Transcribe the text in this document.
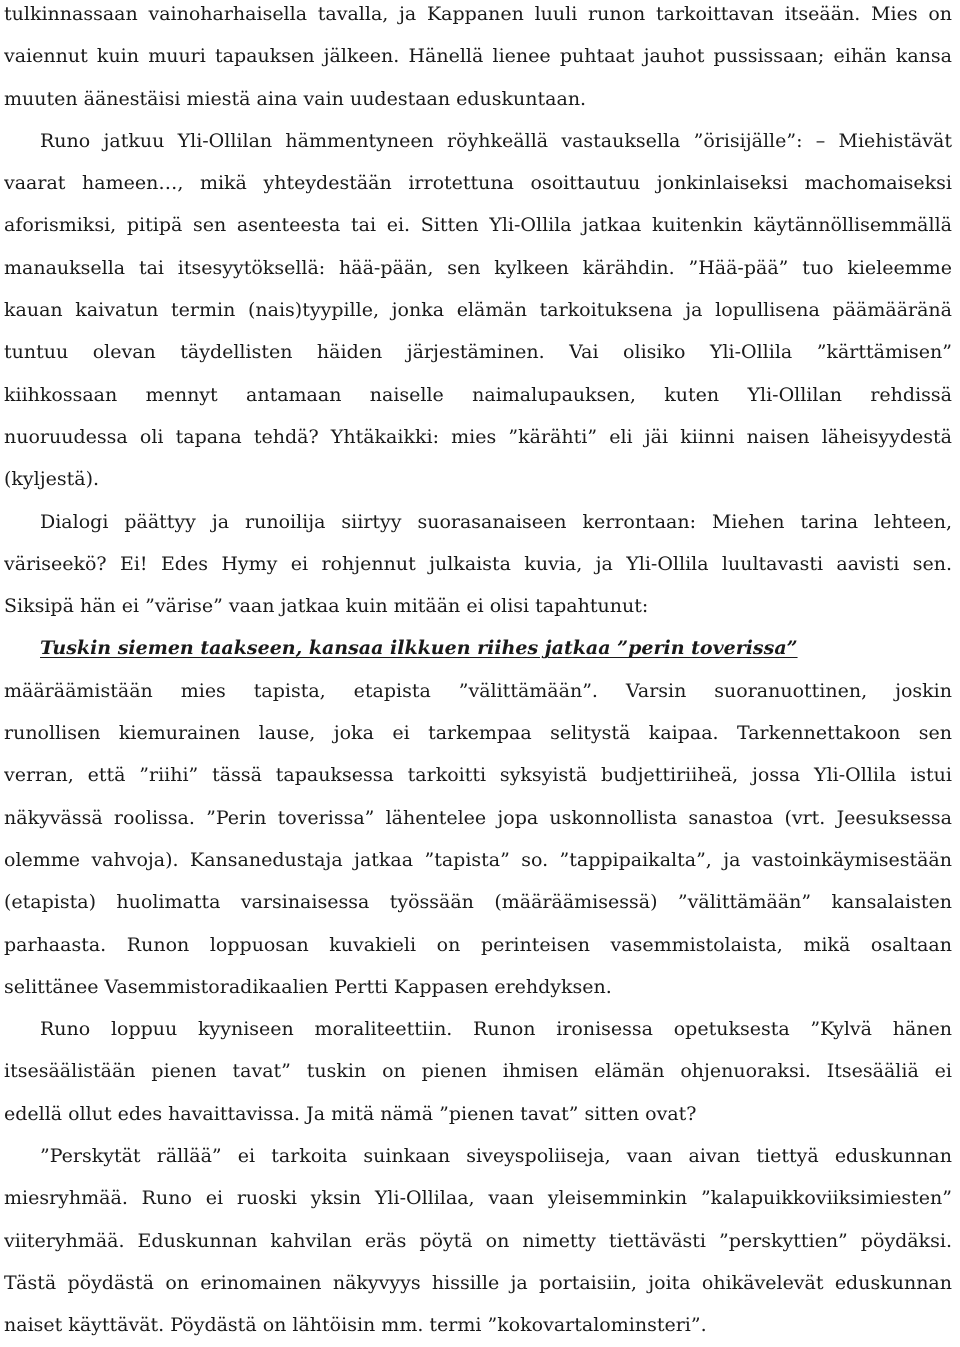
tulkinnassaan vainoharhaisella tavalla, ja Kappanen luuli runon tarkoittavan itseään. Mies on
vaiennut kuin muuri tapauksen jälkeen. Hänellä lienee puhtaat jauhot pussissaan; eihän kansa
muuten äänestäisi miestä aina vain uudestaan eduskuntaan.
Runo jatkuu Yli-Ollilan hämmentyneen röyhkeällä vastauksella ”örisijälle”: – Miehistävät
vaarat hameen…, mikä yhteydestään irrotettuna osoittautuu jonkinlaiseksi machomaiseksi
aforismiksi, pitipä sen asenteesta tai ei. Sitten Yli-Ollila jatkaa kuitenkin käytännöllisemmällä
manauksella tai itsesyytöksellä: hää-pään, sen kylkeen kärähdin. ”Hää-pää” tuo kieleemme
kauan kaivatun termin (nais)tyypille, jonka elämän tarkoituksena ja lopullisena päämääränä
tuntuu olevan täydellisten häiden järjestäminen. Vai olisiko Yli-Ollila ”kärttämisen”
kiihkossaan mennyt antamaan naiselle naimalupauksen, kuten Yli-Ollilan rehdissä
nuoruudessa oli tapana tehdä? Yhtäkaikki: mies ”kärähti” eli jäi kiinni naisen läheisyydestä
(kyljestä).
Dialogi päättyy ja runoilija siirtyy suorasanaiseen kerrontaan: Miehen tarina lehteen,
väriseekö? Ei! Edes Hymy ei rohjennut julkaista kuvia, ja Yli-Ollila luultavasti aavisti sen.
Siksipä hän ei ”värise” vaan jatkaa kuin mitään ei olisi tapahtunut:
Tuskin siemen taakseen, kansaa ilkkuen riihes jatkaa ”perin toverissa”
määräämistään mies tapista, etapista ”välittämään”. Varsin suoranuottinen, joskin
runollisen kiemurainen lause, joka ei tarkempaa selitystä kaipaa. Tarkennettakoon sen
verran, että ”riihi” tässä tapauksessa tarkoitti syksyistä budjettiriiheä, jossa Yli-Ollila istui
näkyvässä roolissa. ”Perin toverissa” lähentelee jopa uskonnollista sanastoa (vrt. Jeesuksessa
olemme vahvoja). Kansanedustaja jatkaa ”tapista” so. ”tappipaikalta”, ja vastoinkäymisestään
(etapista) huolimatta varsinaisessa työssään (määräämisessä) ”välittämään” kansalaisten
parhaasta. Runon loppuosan kuvakieli on perinteisen vasemmistolaista, mikä osaltaan
selittänee Vasemmistoradikaalien Pertti Kappasen erehdyksen.
Runo loppuu kyyniseen moraliteettiin. Runon ironisessa opetuksesta ”Kylvä hänen
itsesäälistään pienen tavat” tuskin on pienen ihmisen elämän ohjenuoraksi. Itsesääliä ei
edellä ollut edes havaittavissa. Ja mitä nämä ”pienen tavat” sitten ovat?
”Perskytät rällää” ei tarkoita suinkaan siveyspoliiseja, vaan aivan tiettyä eduskunnan
miesryhmää. Runo ei ruoski yksin Yli-Ollilaa, vaan yleisemminkin ”kalapuikkoviiksimiesten”
viiteryhmää. Eduskunnan kahvilan eräs pöytä on nimetty tiettävästi ”perskyttien” pöydäksi.
Tästä pöydästä on erinomainen näkyvyys hissille ja portaisiin, joita ohikävelevät eduskunnan
naiset käyttävät. Pöydästä on lähtöisin mm. termi ”kokovartalominsteri”.
